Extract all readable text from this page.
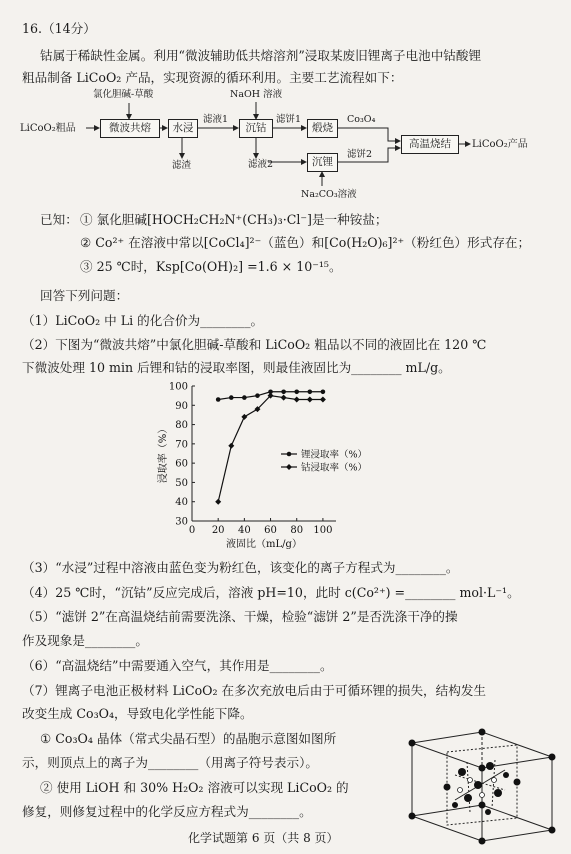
16.（14分）
钴属于稀缺性金属。利用“微波辅助低共熔溶剂”浸取某废旧锂离子电池中钴酸锂
粗品制备 LiCoO₂ 产品，实现资源的循环利用。主要工艺流程如下：
LiCoO₂粗品
氯化胆碱-草酸	NaOH 溶液
微波共熔	水浸
滤液1
滤渣
沉钴
滤饼1
滤液2
煅烧
沉锂
Co₃O₄
滤饼2
Na₂CO₃溶液
高温烧结	LiCoO₂产品
已知： ① 氯化胆碱[HOCH₂CH₂N⁺(CH₃)₃·Cl⁻]是一种铵盐；
② Co²⁺ 在溶液中常以[CoCl₄]²⁻（蓝色）和[Co(H₂O)₆]²⁺（粉红色）形式存在；
③ 25 ℃时，Ksp[Co(OH)₂] =1.6 × 10⁻¹⁵。
回答下列问题：
（1）LiCoO₂ 中 Li 的化合价为________。
（2）下图为“微波共熔”中氯化胆碱-草酸和 LiCoO₂ 粗品以不同的液固比在 120 ℃
下微波处理 10 min 后锂和钴的浸取率图，则最佳液固比为________ mL/g。
0 20 40 60 80 100
30
40
50
60
70
80
90
100
液固比（mL/g）
浸取率（%）	锂浸取率（%）
钴浸取率（%）
（3）“水浸”过程中溶液由蓝色变为粉红色，该变化的离子方程式为________。
（4）25 ℃时，“沉钴”反应完成后，溶液 pH=10，此时 c(Co²⁺) =________ mol·L⁻¹。
（5）“滤饼 2”在高温烧结前需要洗涤、干燥，检验“滤饼 2”是否洗涤干净的操
作及现象是________。
（6）“高温烧结”中需要通入空气，其作用是________。
（7）锂离子电池正极材料 LiCoO₂ 在多次充放电后由于可循环锂的损失，结构发生
改变生成 Co₃O₄，导致电化学性能下降。
① Co₃O₄ 晶体（常式尖晶石型）的晶胞示意图如图所
示，则顶点上的离子为________（用离子符号表示）。
② 使用 LiOH 和 30% H₂O₂ 溶液可以实现 LiCoO₂ 的
修复，则修复过程中的化学反应方程式为________。
化学试题第 6 页（共 8 页）
